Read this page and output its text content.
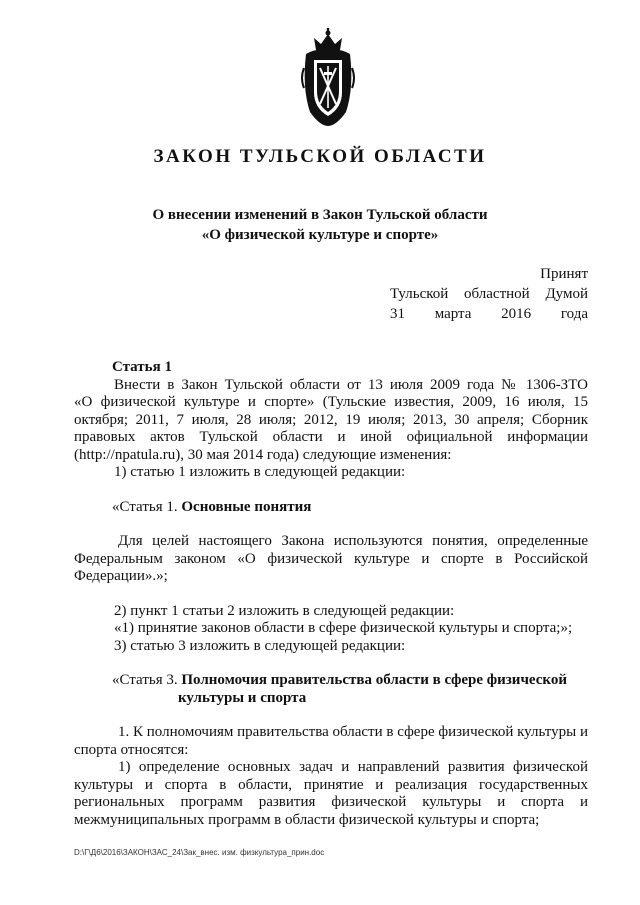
ЗАКОН ТУЛЬСКОЙ ОБЛАСТИ
О внесении изменений в Закон Тульской области
«О физической культуре и спорте»
Принят
Тульской областной Думой
31 марта 2016 года

Статья 1

Внести в Закон Тульской области от 13 июля 2009 года № 1306-ЗТО

«О физической культуре и спорте» (Тульские известия, 2009, 16 июля, 15

октября; 2011, 7 июля, 28 июля; 2012, 19 июля; 2013, 30 апреля; Сборник

правовых актов Тульской области и иной официальной информации

(http://npatula.ru), 30 мая 2014 года) следующие изменения:

1) статью 1 изложить в следующей редакции:

«Статья 1. Основные понятия

Для целей настоящего Закона используются понятия, определенные

Федеральным законом «О физической культуре и спорте в Российской

Федерации».»;

2) пункт 1 статьи 2 изложить в следующей редакции:

«1) принятие законов области в сфере физической культуры и спорта;»;

3) статью 3 изложить в следующей редакции:

«Статья 3. Полномочия правительства области в сфере физической

культуры и спорта

1. К полномочиям правительства области в сфере физической культуры и

спорта относятся:

1) определение основных задач и направлений развития физической

культуры и спорта в области, принятие и реализация государственных

региональных программ развития физической культуры и спорта и

межмуниципальных программ в области физической культуры и спорта;

D:\Г\Д6\2016\ЗАКОН\ЗАС_24\Зак_внес. изм. физкультура_прин.doc
